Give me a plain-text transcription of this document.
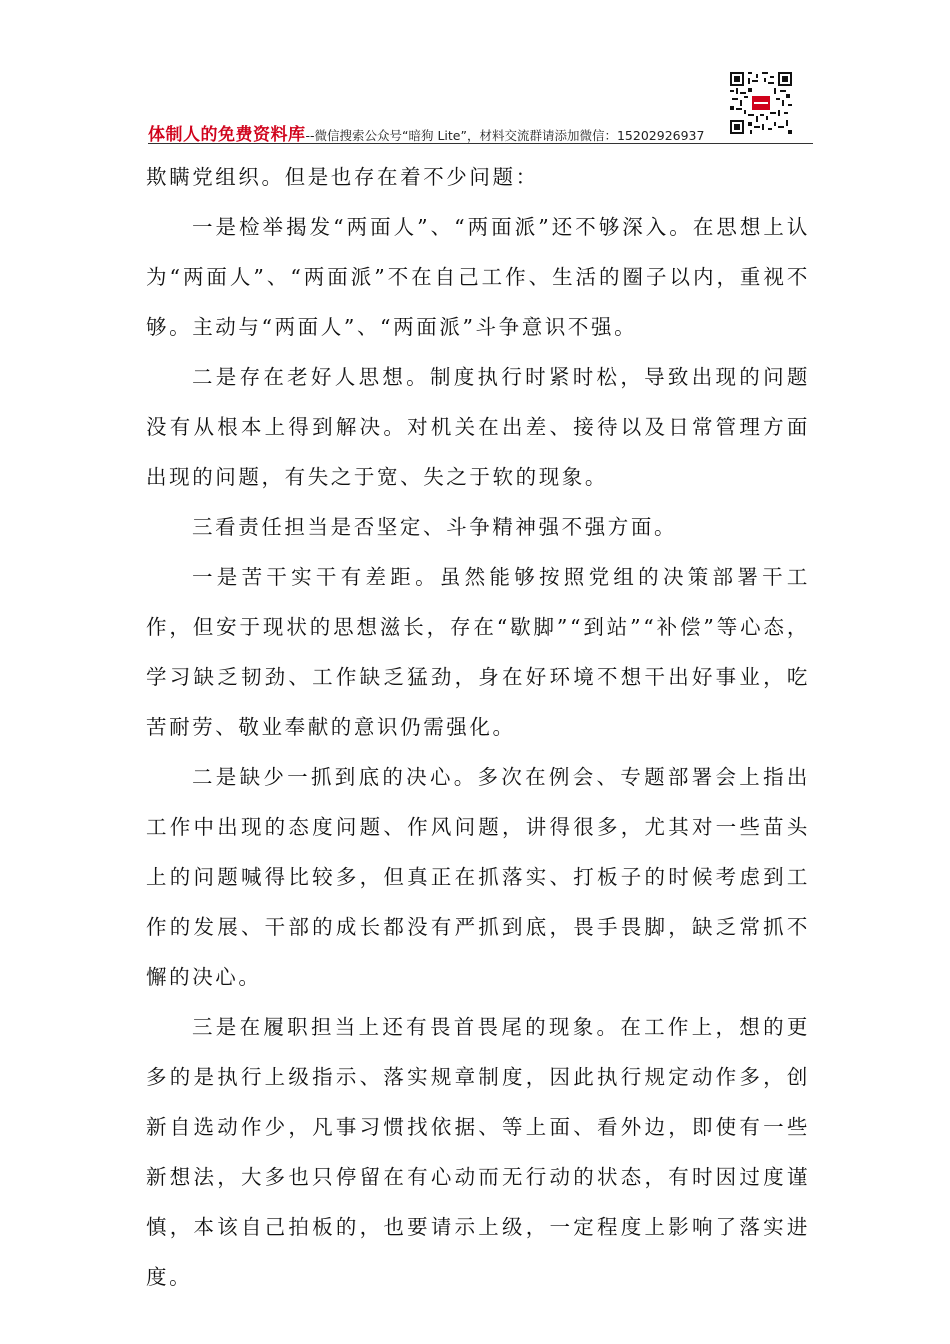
体制人的免费资料库--微信搜索公众号“暗狗 Lite”，材料交流群请添加微信：15202926937

欺瞒党组织。但是也存在着不少问题：

一是检举揭发“两面人”、“两面派”还不够深入。在思想上认为“两面人”、“两面派”不在自己工作、生活的圈子以内，重视不够。主动与“两面人”、“两面派”斗争意识不强。

二是存在老好人思想。制度执行时紧时松，导致出现的问题没有从根本上得到解决。对机关在出差、接待以及日常管理方面出现的问题，有失之于宽、失之于软的现象。

三看责任担当是否坚定、斗争精神强不强方面。

一是苦干实干有差距。虽然能够按照党组的决策部署干工作，但安于现状的思想滋长，存在“歇脚”“到站”“补偿”等心态，学习缺乏韧劲、工作缺乏猛劲，身在好环境不想干出好事业，吃苦耐劳、敬业奉献的意识仍需强化。

二是缺少一抓到底的决心。多次在例会、专题部署会上指出工作中出现的态度问题、作风问题，讲得很多，尤其对一些苗头上的问题喊得比较多，但真正在抓落实、打板子的时候考虑到工作的发展、干部的成长都没有严抓到底，畏手畏脚，缺乏常抓不懈的决心。

三是在履职担当上还有畏首畏尾的现象。在工作上，想的更多的是执行上级指示、落实规章制度，因此执行规定动作多，创新自选动作少，凡事习惯找依据、等上面、看外边，即使有一些新想法，大多也只停留在有心动而无行动的状态，有时因过度谨慎，本该自己拍板的，也要请示上级，一定程度上影响了落实进度。
